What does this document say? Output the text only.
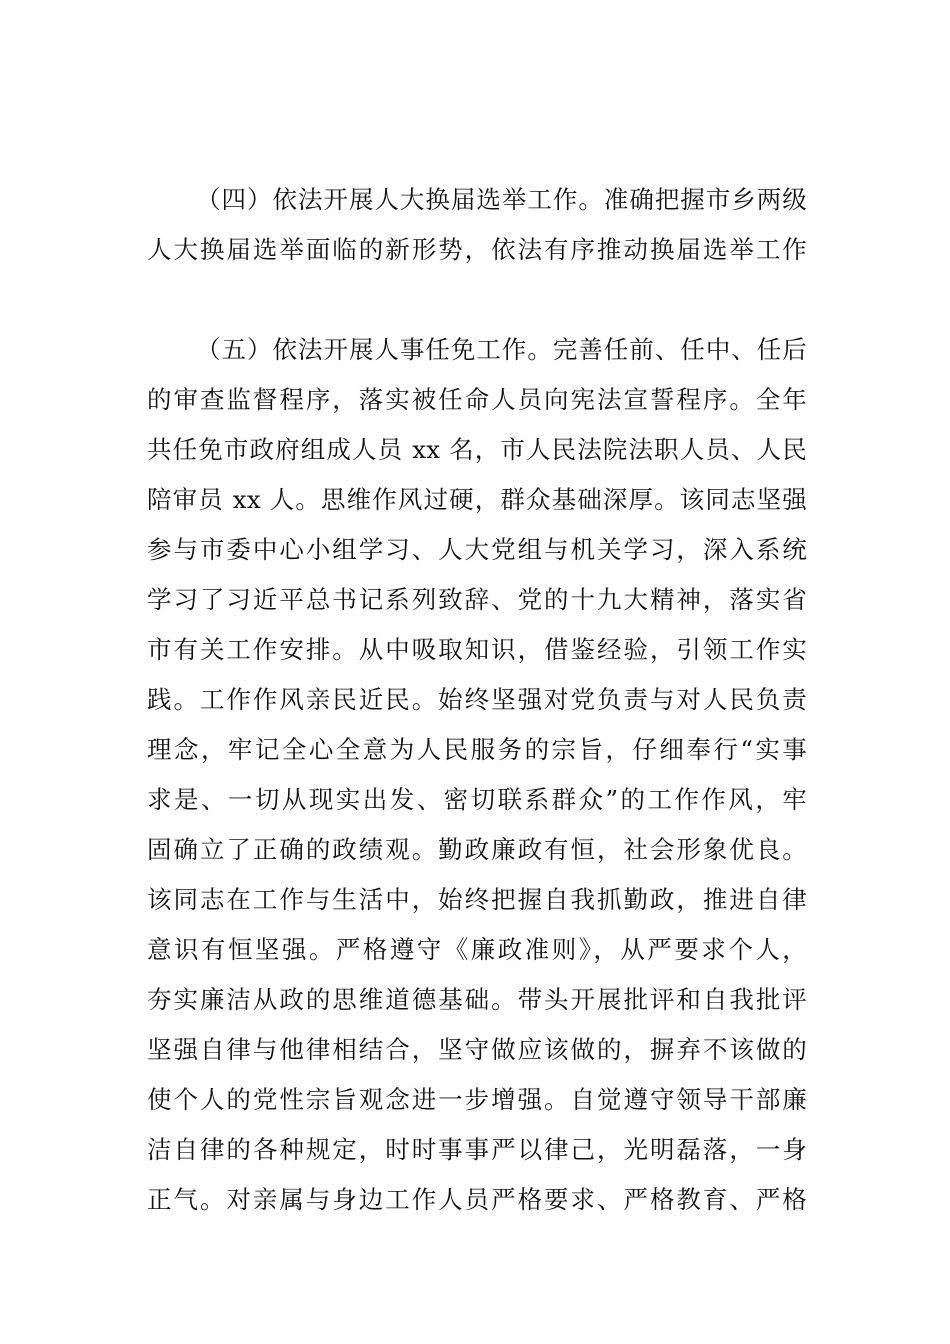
（四）依法开展人大换届选举工作。准确把握市乡两级
人大换届选举面临的新形势，依法有序推动换届选举工作
（五）依法开展人事任免工作。完善任前、任中、任后
的审查监督程序，落实被任命人员向宪法宣誓程序。全年
共任免市政府组成人员 xx 名，市人民法院法职人员、人民
陪审员 xx 人。思维作风过硬，群众基础深厚。该同志坚强
参与市委中心小组学习、人大党组与机关学习，深入系统
学习了习近平总书记系列致辞、党的十九大精神，落实省
市有关工作安排。从中吸取知识，借鉴经验，引领工作实
践。工作作风亲民近民。始终坚强对党负责与对人民负责
理念，牢记全心全意为人民服务的宗旨，仔细奉行“实事
求是、一切从现实出发、密切联系群众”的工作作风，牢
固确立了正确的政绩观。勤政廉政有恒，社会形象优良。
该同志在工作与生活中，始终把握自我抓勤政，推进自律
意识有恒坚强。严格遵守《廉政准则》，从严要求个人，
夯实廉洁从政的思维道德基础。带头开展批评和自我批评
坚强自律与他律相结合，坚守做应该做的，摒弃不该做的
使个人的党性宗旨观念进一步增强。自觉遵守领导干部廉
洁自律的各种规定，时时事事严以律己，光明磊落，一身
正气。对亲属与身边工作人员严格要求、严格教育、严格
